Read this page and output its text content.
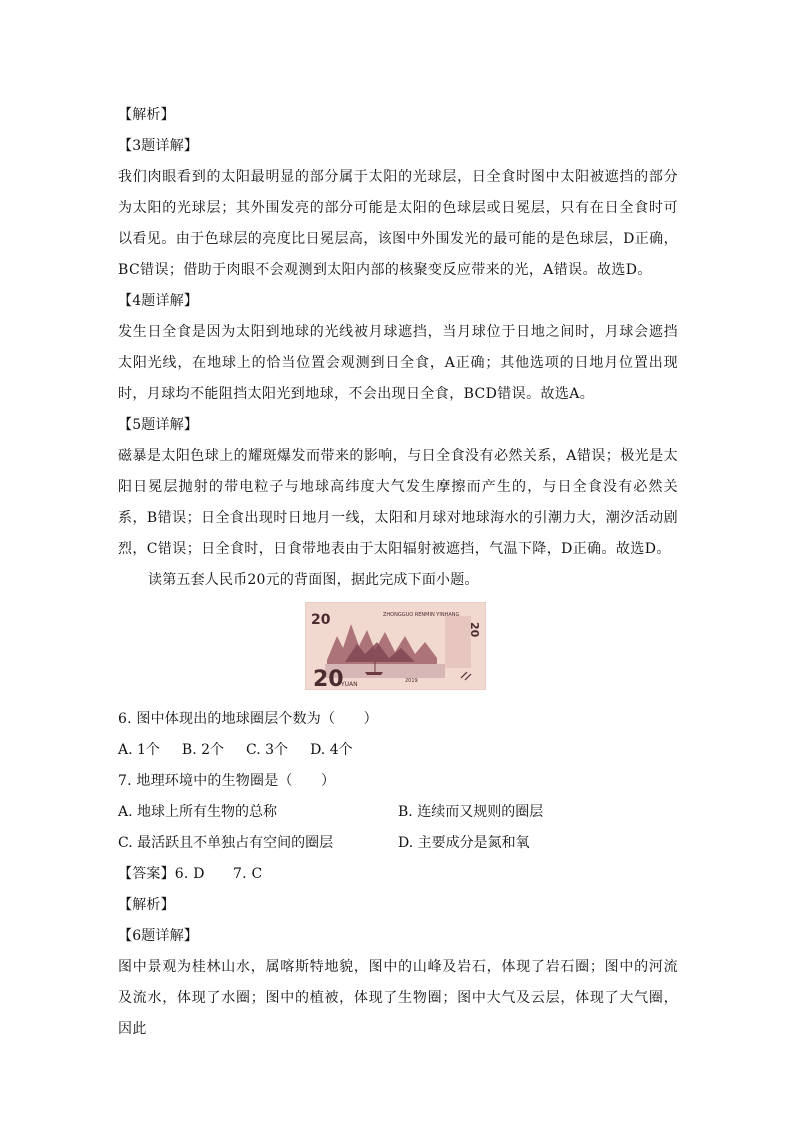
【解析】
【3题详解】
我们肉眼看到的太阳最明显的部分属于太阳的光球层，日全食时图中太阳被遮挡的部分为太阳的光球层；其外围发亮的部分可能是太阳的色球层或日冕层，只有在日全食时可以看见。由于色球层的亮度比日冕层高，该图中外围发光的最可能的是色球层，D正确，BC错误；借助于肉眼不会观测到太阳内部的核聚变反应带来的光，A错误。故选D。
【4题详解】
发生日全食是因为太阳到地球的光线被月球遮挡，当月球位于日地之间时，月球会遮挡太阳光线，在地球上的恰当位置会观测到日全食，A正确；其他选项的日地月位置出现时，月球均不能阻挡太阳光到地球，不会出现日全食，BCD错误。故选A。
【5题详解】
磁暴是太阳色球上的耀斑爆发而带来的影响，与日全食没有必然关系，A错误；极光是太阳日冕层抛射的带电粒子与地球高纬度大气发生摩擦而产生的，与日全食没有必然关系，B错误；日全食出现时日地月一线，太阳和月球对地球海水的引潮力大，潮汐活动剧烈，C错误；日全食时，日食带地表由于太阳辐射被遮挡，气温下降，D正确。故选D。
读第五套人民币20元的背面图，据此完成下面小题。
20	ZHONGGUO RENMIN YINHANG
20
20
YUAN	2019
6. 图中体现出的地球圈层个数为（　　）
A. 1个 B. 2个 C. 3个 D. 4个
7. 地理环境中的生物圈是（　　）
A. 地球上所有生物的总称	B. 连续而又规则的圈层
C. 最活跃且不单独占有空间的圈层	D. 主要成分是氮和氧
【答案】6. D　　7. C
【解析】
【6题详解】
图中景观为桂林山水，属喀斯特地貌，图中的山峰及岩石，体现了岩石圈；图中的河流及流水，体现了水圈；图中的植被，体现了生物圈；图中大气及云层，体现了大气圈，因此
